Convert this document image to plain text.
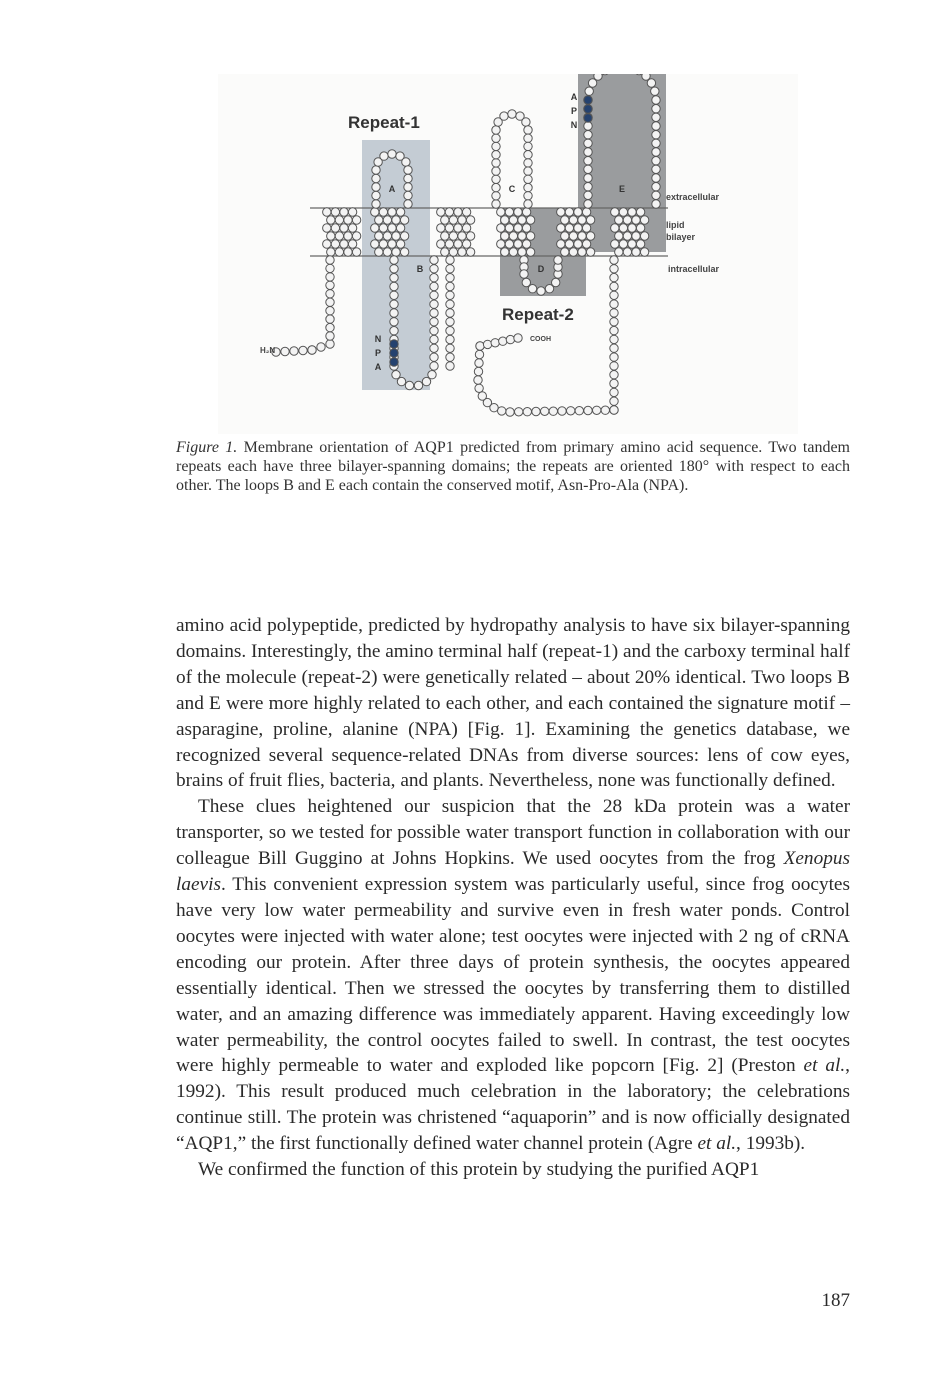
Repeat-1
Repeat-2
A
B
C
D
E
extracellular
lipid
bilayer
intracellular
H₂N
COOH
N
P
A
A
P
N
Figure 1. Membrane orientation of AQP1 predicted from primary amino acid sequence. Two tandem repeats each have three bilayer-spanning domains; the repeats are oriented 180° with respect to each other. The loops B and E each contain the conserved motif, Asn-Pro-Ala (NPA).

amino acid polypeptide, predicted by hydropathy analysis to have six bilayer-spanning domains. Interestingly, the amino terminal half (repeat-1) and the carboxy terminal half of the molecule (repeat-2) were genetically related – about 20% identical. Two loops B and E were more highly related to each other, and each contained the signature motif – asparagine, proline, alanine (NPA) [Fig. 1]. Examining the genetics database, we recognized several sequence-related DNAs from diverse sources: lens of cow eyes, brains of fruit flies, bacteria, and plants. Nevertheless, none was functionally defined.

These clues heightened our suspicion that the 28 kDa protein was a water transporter, so we tested for possible water transport function in collaboration with our colleague Bill Guggino at Johns Hopkins. We used oocytes from the frog Xenopus laevis. This convenient expression system was particularly useful, since frog oocytes have very low water permeability and survive even in fresh water ponds. Control oocytes were injected with water alone; test oocytes were injected with 2 ng of cRNA encoding our protein. After three days of protein synthesis, the oocytes appeared essentially identical. Then we stressed the oocytes by transferring them to distilled water, and an amazing difference was immediately apparent. Having exceedingly low water permeability, the control oocytes failed to swell. In contrast, the test oocytes were highly permeable to water and exploded like popcorn [Fig. 2] (Preston et al., 1992). This result produced much celebration in the laboratory; the celebrations continue still. The protein was christened “aquaporin” and is now officially designated “AQP1,” the first functionally defined water channel protein (Agre et al., 1993b).

We confirmed the function of this protein by studying the purified AQP1

187
